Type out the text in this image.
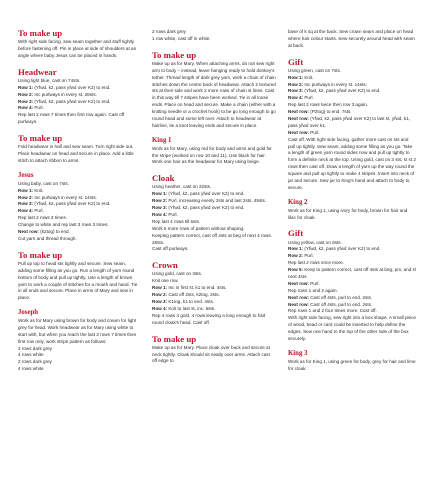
To make up

With right side facing, sew seam together and stuff tightly before fastening off. Pin in place at side of shoulders at an angle where baby Jesus can be placed in hands.

Headwear

Using light blue, cast on 74sts.

Row 1: (Yfwd, k2, pass yfwd over K2) to end.

Row 2: Inc purlways in every st. 28sts.

Row 3: (Yfwd, k2, pass yfwd over K2) to end.

Row 4: Purl.

Rep last 2 rows 7 times then first row again. Cast off purlways.

To make up

Fold headwear in half and sew seam. Turn right side out. Place headwear on head and secure in place. Add a little stitch to attach ribbon to arms.

Jesus

Using baby, cast on 7sts.

Row 1: Knit.

Row 2: Inc purlways in every st. 14sts.

Row 3: (Yfwd, k2, pass yfwd over K2) to end.

Row 4: Purl.

Rep last 2 rows 3 times.

Change to white and rep last 3 rows 3 times.

Next row: (k2tog) to end.

Cut yarn and thread through.

To make up

Pull up top to head sts tightly and secure. Sew seam, adding some filling as you go. Run a length of yarn round bottom of body and pull up tightly. Use a length of brown yarn to work a couple of stitches for a mouth and hand. Tie in all ends and secure. Place in arms of Mary and sew in place.

Joseph

Work as for Mary using brown for body and cream for light grey for head. Work headwear as for Mary using white to start with, but when you reach the last 2 rows 7 times then first row only, work stripe pattern as follows:

2 rows dark grey

4 rows white

2 rows dark grey

4 rows white

2 rows dark grey

1 row white, cast off in white.

To make up

Make up as for Mary. When attaching arms, do not sew right arm to body – instead, leave hanging ready to hold donkey's tether. Thread length of dark grey yarn, work a chain of chain stitches down the centre back of headwear. Attach 2 textured sts at their side and work 2 more rows of chain st lines. Cast in this way till 7 stripes have been worked. Tie in all loose ends. Place on head and secure. Make a chain (either with a knitting needle or a crochet hook) to be go long enough to go round head and some left over. Attach to headwear at hairline, tie a knot leaving ends and secure in place.

King 1

Work as for Mary, using red for body and arms and gold for the stripe (worked on row 10 and 11). Use black for hair. Work one hair as the headwear for Mary using beige.

Cloak

Using heather, cast on 22sts.

Row 1: (Yfwd, k2, pass yfwd over K2) to end.

Row 2: Purl, increasing evenly 2sts and last 2sts. 45sts.

Row 3: (Yfwd, k2, pass yfwd over K2) to end.

Row 4: Purl.

Rep last 4 rows till 6sts.

Work 5 more rows of pattern without shaping.

Keeping pattern correct, cast off 4sts at beg of next 4 rows. 28sts.

Cast off purlways.

Crown

Using gold, cast on 3sts.

Knit one row.

Row 1: Inc in first st, k1 to end. 4sts.

Row 2: Cast off 2sts, k2tog. 2sts.

Row 3: K1tog, k1 to end. 4sts.

Row 4: Knit to last st, inc. 5sts.

Rep 4 rows 4 gold, 4 rows leaving a long enough to fold round cloak's head. Cast off.

To make up

Make up as for Mary. Place cloak over back and secure at neck tightly. Cloak should sit neatly over arms. Attach cast off edge to

base of k sq at the back. Sew crown seam and place on head where hair colour starts. Sew securely around head with seam at back.

Gift

Using green, cast on 7sts.

Row 1: Knit.

Row 2: Inc purlways in every st. 14sts.

Row 3: (Yfwd, k2, pass yfwd over K2) to end.

Row 4: Purl.

Rep last 2 rows twice then row 3 again.

Next row: (P2tog) to end. 7sts.

Next row: (Yfwd, k2, pass yfwd over K2) to last st, yfwd, k1, pass yfwd over k1.

Next row: Purl.

Cast off. With right side facing, gather more cast on sts and pull up tightly. Sew seam, adding some filling as you go. Take a length of green yarn round sides now and pull up tightly to form a definite neck at the top. Using gold, cast on 3 sts, st st 2 rows then cast off. Draw a length of yarn up the way round the square and pull up tightly to make 4 stripes. Insert into neck of jar and secure. Sew jar to King's hand and attach to body to secure.

King 2

Work as for King 1, using ivory for body, brown for hair and lilac for cloak.

Gift

Using yellow, cast on 6sts.

Row 1: (Yfwd, k2, pass yfwd over K2) to end.

Row 2: Purl.

Rep last 2 rows once more.

Row 5: Keep to pattern correct, cast off 4sts at beg, pm, and sl next 4sts.

Next row: Purl.

Rep rows 1 and 2 again.

Next row: Cast off 4sts, purl to end. 2sts.

Next row: Cast off 4sts, purl to end. 2sts.

Rep rows 1 and 2 four times more. Cast off.

With right side facing, sew right into a box shape. A small piece of wood, bead or card could be inserted to help define the edges. Sew one hand to the top of the other side of the box securely.

King 3

Work as for King 1, using green for body, grey for hair and lime for cloak.
